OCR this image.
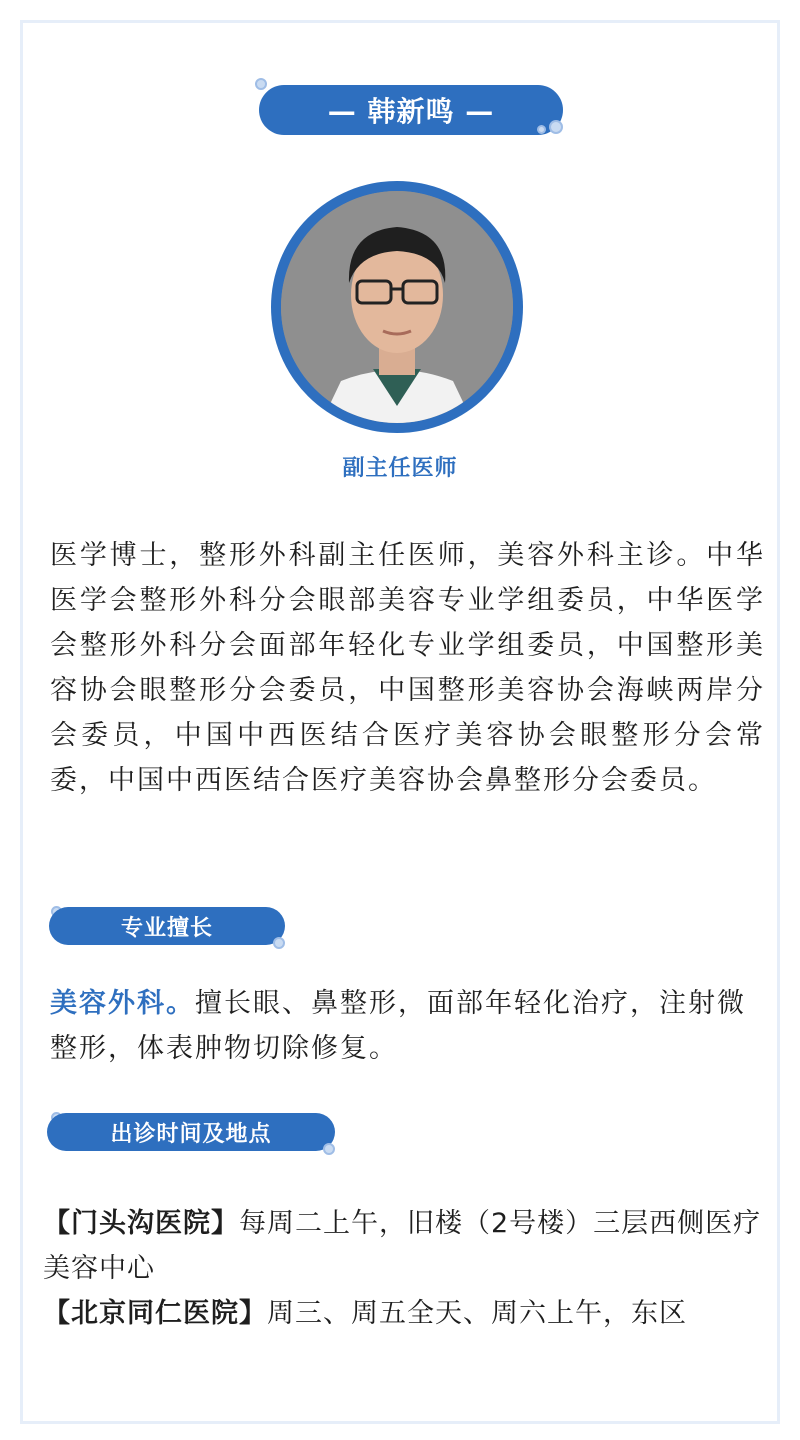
— 韩新鸣 —
副主任医师
医学博士，整形外科副主任医师，美容外科主诊。中华医学会整形外科分会眼部美容专业学组委员，中华医学会整形外科分会面部年轻化专业学组委员，中国整形美容协会眼整形分会委员，中国整形美容协会海峡两岸分会委员，中国中西医结合医疗美容协会眼整形分会常委，中国中西医结合医疗美容协会鼻整形分会委员。
专业擅长
美容外科。擅长眼、鼻整形，面部年轻化治疗，注射微整形，体表肿物切除修复。
出诊时间及地点

【门头沟医院】每周二上午，旧楼（2号楼）三层西侧医疗美容中心

【北京同仁医院】周三、周五全天、周六上午，东区
